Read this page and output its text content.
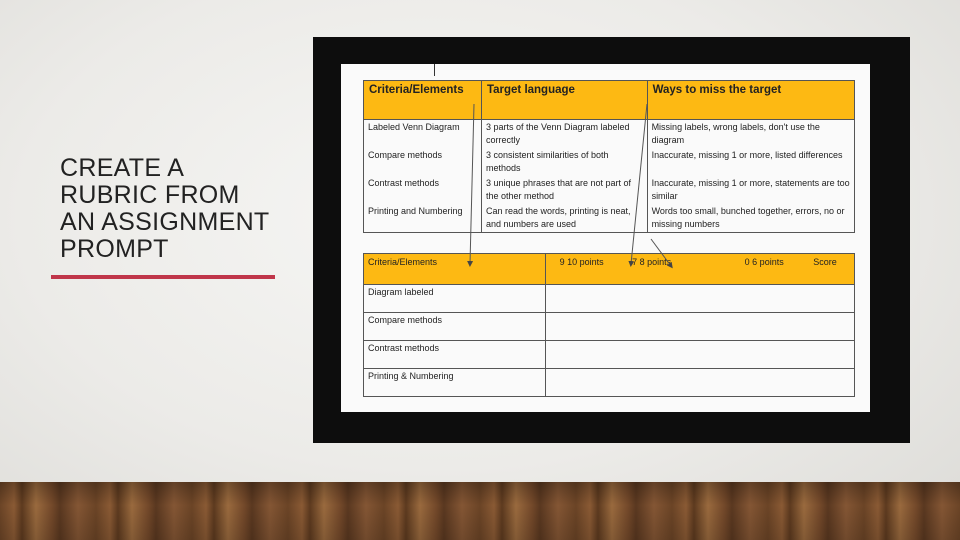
CREATE A
RUBRIC FROM
AN ASSIGNMENT
PROMPT
Criteria/Elements	Target language	Ways to miss the target
Labeled Venn Diagram	3 parts of the Venn Diagram labeled correctly	Missing labels, wrong labels, don't use the diagram
Compare methods	3 consistent similarities of both methods	Inaccurate, missing 1 or more, listed differences
Contrast methods	3 unique phrases that are not part of the other method	Inaccurate, missing 1 or more, statements are too similar
Printing and Numbering	Can read the words, printing is neat, and numbers are used	Words too small, bunched together, errors, no or missing numbers
Criteria/Elements	9 10 points 7 8 points 0 6 points Score
Diagram labeled	
Compare methods	
Contrast methods	
Printing & Numbering	
